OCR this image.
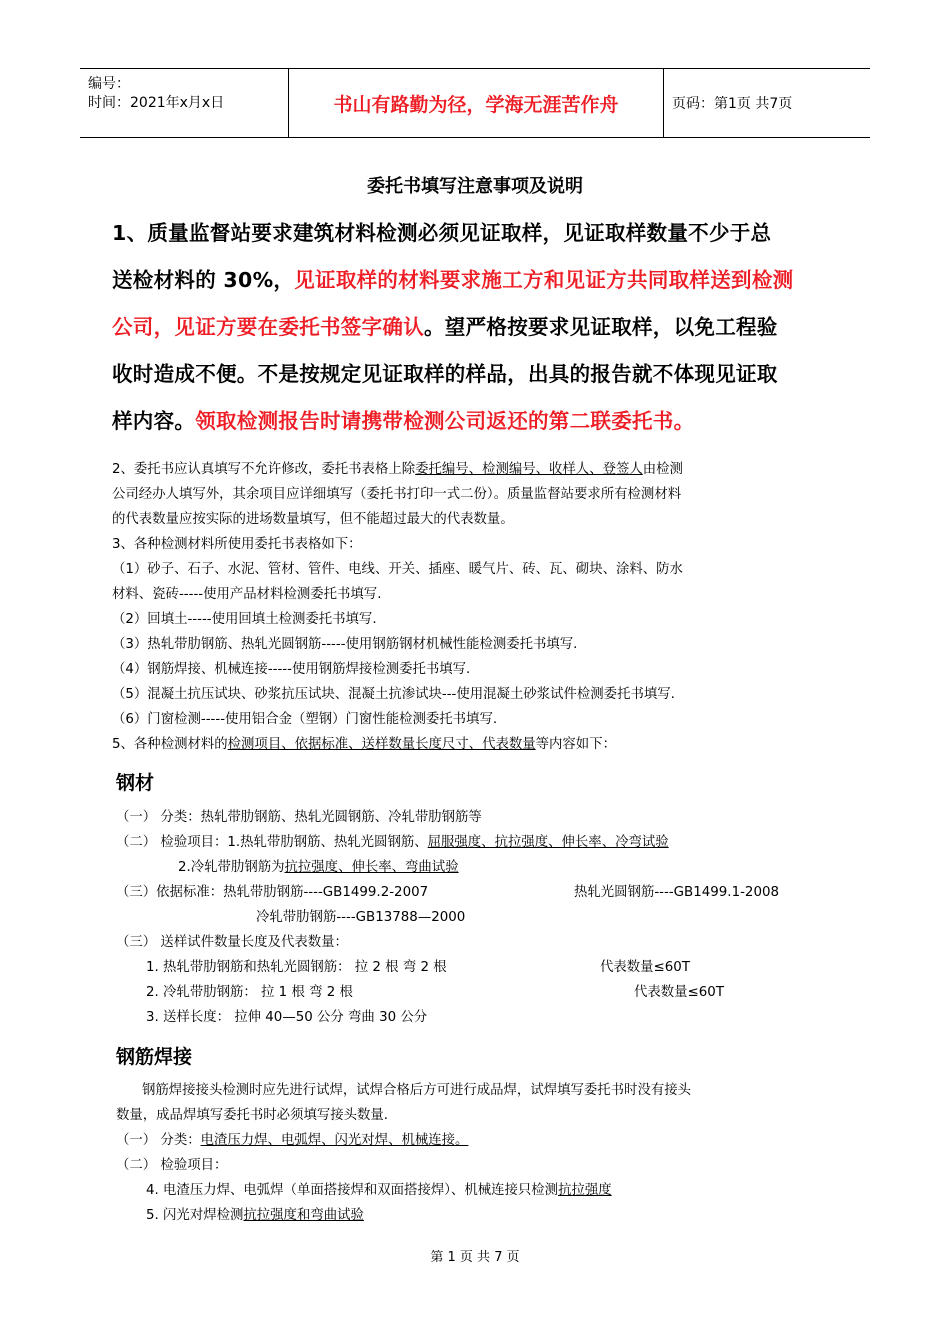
编号：
时间：2021年x月x日	书山有路勤为径，学海无涯苦作舟	页码：第1页 共7页
委托书填写注意事项及说明
1、质量监督站要求建筑材料检测必须见证取样，见证取样数量不少于总
送检材料的 30%，见证取样的材料要求施工方和见证方共同取样送到检测
公司，见证方要在委托书签字确认。望严格按要求见证取样，以免工程验
收时造成不便。不是按规定见证取样的样品，出具的报告就不体现见证取
样内容。领取检测报告时请携带检测公司返还的第二联委托书。
2、委托书应认真填写不允许修改，委托书表格上除委托编号、检测编号、收样人、登签人由检测
公司经办人填写外，其余项目应详细填写（委托书打印一式二份）。质量监督站要求所有检测材料
的代表数量应按实际的进场数量填写，但不能超过最大的代表数量。
3、各种检测材料所使用委托书表格如下：
（1）砂子、石子、水泥、管材、管件、电线、开关、插座、暖气片、砖、瓦、砌块、涂料、防水
材料、瓷砖-----使用产品材料检测委托书填写.
（2）回填土-----使用回填土检测委托书填写.
（3）热轧带肋钢筋、热轧光圆钢筋-----使用钢筋钢材机械性能检测委托书填写.
（4）钢筋焊接、机械连接-----使用钢筋焊接检测委托书填写.
（5）混凝土抗压试块、砂浆抗压试块、混凝土抗渗试块---使用混凝土砂浆试件检测委托书填写.
（6）门窗检测-----使用铝合金（塑钢）门窗性能检测委托书填写.
5、各种检测材料的检测项目、依据标准、送样数量长度尺寸、代表数量等内容如下：
钢材
（一） 分类：热轧带肋钢筋、热轧光圆钢筋、冷轧带肋钢筋等
（二） 检验项目：1.热轧带肋钢筋、热轧光圆钢筋、屈服强度、抗拉强度、伸长率、冷弯试验
2.冷轧带肋钢筋为抗拉强度、伸长率、弯曲试验
（三）依据标准：热轧带肋钢筋----GB1499.2-2007	热轧光圆钢筋----GB1499.1-2008
冷轧带肋钢筋----GB13788—2000
（三） 送样试件数量长度及代表数量：
1. 热轧带肋钢筋和热轧光圆钢筋： 拉 2 根 弯 2 根	代表数量≤60T
2. 冷轧带肋钢筋： 拉 1 根 弯 2 根	代表数量≤60T
3. 送样长度： 拉伸 40—50 公分 弯曲 30 公分
钢筋焊接
钢筋焊接接头检测时应先进行试焊，试焊合格后方可进行成品焊，试焊填写委托书时没有接头
数量，成品焊填写委托书时必须填写接头数量.
（一） 分类：电渣压力焊、电弧焊、闪光对焊、机械连接。
（二） 检验项目：
4. 电渣压力焊、电弧焊（单面搭接焊和双面搭接焊）、机械连接只检测抗拉强度
5. 闪光对焊检测抗拉强度和弯曲试验
第 1 页 共 7 页
